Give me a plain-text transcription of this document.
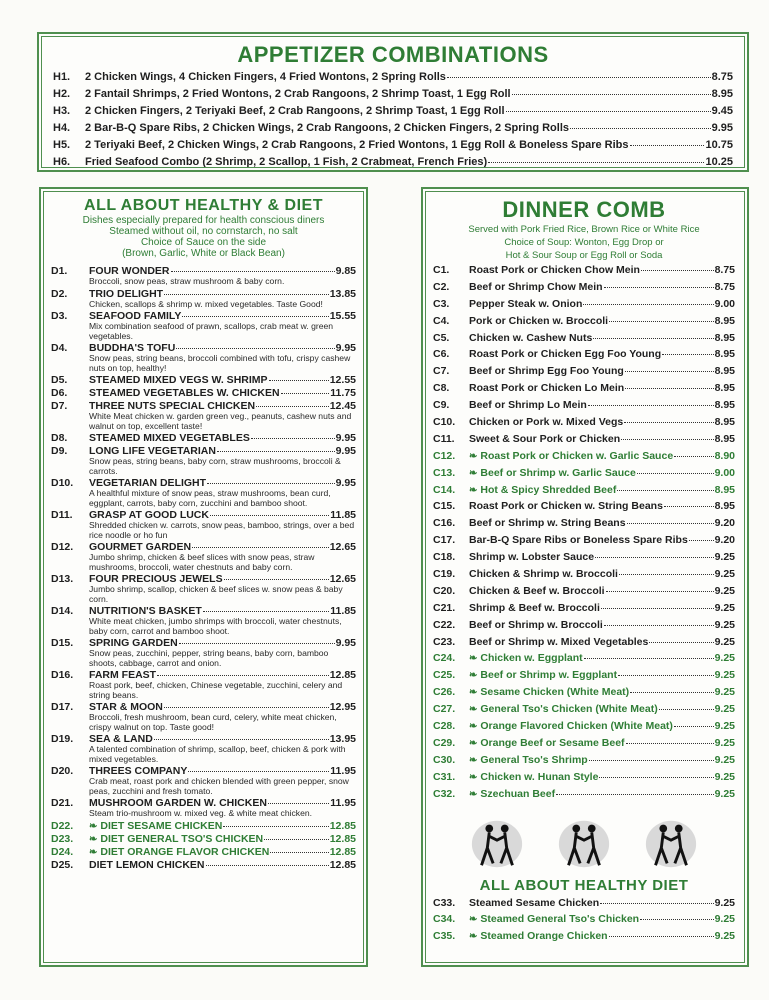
APPETIZER COMBINATIONS
H1.	2 Chicken Wings, 4 Chicken Fingers, 4 Fried Wontons, 2 Spring Rolls	8.75
H2.	2 Fantail Shrimps, 2 Fried Wontons, 2 Crab Rangoons, 2 Shrimp Toast, 1 Egg Roll	8.95
H3.	2 Chicken Fingers, 2 Teriyaki Beef, 2 Crab Rangoons, 2 Shrimp Toast, 1 Egg Roll	9.45
H4.	2 Bar-B-Q Spare Ribs, 2 Chicken Wings, 2 Crab Rangoons, 2 Chicken Fingers, 2 Spring Rolls	9.95
H5.	2 Teriyaki Beef, 2 Chicken Wings, 2 Crab Rangoons, 2 Fried Wontons, 1 Egg Roll & Boneless Spare Ribs	10.75
H6.	Fried Seafood Combo (2 Shrimp, 2 Scallop, 1 Fish, 2 Crabmeat, French Fries)	10.25
ALL ABOUT HEALTHY & DIET
Dishes especially prepared for health conscious diners
Steamed without oil, no cornstarch, no salt
Choice of Sauce on the side
(Brown, Garlic, White or Black Bean)
D1.	FOUR WONDER	9.85
Broccoli, snow peas, straw mushroom & baby corn.
D2.	TRIO DELIGHT	13.85
Chicken, scallops & shrimp w. mixed vegetables. Taste Good!
D3.	SEAFOOD FAMILY	15.55
Mix combination seafood of prawn, scallops, crab meat w. green vegetables.
D4.	BUDDHA'S TOFU	9.95
Snow peas, string beans, broccoli combined with tofu, crispy cashew nuts on top, healthy!
D5.	STEAMED MIXED VEGS W. SHRIMP	12.55
D6.	STEAMED VEGETABLES W. CHICKEN	11.75
D7.	THREE NUTS SPECIAL CHICKEN	12.45
White Meat chicken w. garden green veg., peanuts, cashew nuts and walnut on top, excellent taste!
D8.	STEAMED MIXED VEGETABLES	9.95
D9.	LONG LIFE VEGETARIAN	9.95
Snow peas, string beans, baby corn, straw mushrooms, broccoli & carrots.
D10.	VEGETARIAN DELIGHT	9.95
A healthful mixture of snow peas, straw mushrooms, bean curd, eggplant, carrots, baby corn, zucchini and bamboo shoot.
D11.	GRASP AT GOOD LUCK	11.85
Shredded chicken w. carrots, snow peas, bamboo, strings, over a bed rice noodle or ho fun
D12.	GOURMET GARDEN	12.65
Jumbo shrimp, chicken & beef slices with snow peas, straw mushrooms, broccoli, water chestnuts and baby corn.
D13.	FOUR PRECIOUS JEWELS	12.65
Jumbo shrimp, scallop, chicken & beef slices w. snow peas & baby corn.
D14.	NUTRITION'S BASKET	11.85
White meat chicken, jumbo shrimps with broccoli, water chestnuts, baby corn, carrot and bamboo shoot.
D15.	SPRING GARDEN	9.95
Snow peas, zucchini, pepper, string beans, baby corn, bamboo shoots, cabbage, carrot and onion.
D16.	FARM FEAST	12.85
Roast pork, beef, chicken, Chinese vegetable, zucchini, celery and string beans.
D17.	STAR & MOON	12.95
Broccoli, fresh mushroom, bean curd, celery, white meat chicken, crispy walnut on top. Taste good!
D19.	SEA & LAND	13.95
A talented combination of shrimp, scallop, beef, chicken & pork with mixed vegetables.
D20.	THREES COMPANY	11.95
Crab meat, roast pork and chicken blended with green pepper, snow peas, zucchini and fresh tomato.
D21.	MUSHROOM GARDEN W. CHICKEN	11.95
Steam trio-mushroom w. mixed veg. & white meat chicken.
D22.	❧ DIET SESAME CHICKEN	12.85
D23.	❧ DIET GENERAL TSO'S CHICKEN	12.85
D24.	❧ DIET ORANGE FLAVOR CHICKEN	12.85
D25.	DIET LEMON CHICKEN	12.85
DINNER COMB
Served with Pork Fried Rice, Brown Rice or White Rice
Choice of Soup: Wonton, Egg Drop or
Hot & Sour Soup or Egg Roll or Soda
C1.	Roast Pork or Chicken Chow Mein	8.75
C2.	Beef or Shrimp Chow Mein	8.75
C3.	Pepper Steak w. Onion	9.00
C4.	Pork or Chicken w. Broccoli	8.95
C5.	Chicken w. Cashew Nuts	8.95
C6.	Roast Pork or Chicken Egg Foo Young	8.95
C7.	Beef or Shrimp Egg Foo Young	8.95
C8.	Roast Pork or Chicken Lo Mein	8.95
C9.	Beef or Shrimp Lo Mein	8.95
C10.	Chicken or Pork w. Mixed Vegs	8.95
C11.	Sweet & Sour Pork or Chicken	8.95
C12.	❧ Roast Pork or Chicken w. Garlic Sauce	8.90
C13.	❧ Beef or Shrimp w. Garlic Sauce	9.00
C14.	❧ Hot & Spicy Shredded Beef	8.95
C15.	Roast Pork or Chicken w. String Beans	8.95
C16.	Beef or Shrimp w. String Beans	9.20
C17.	Bar-B-Q Spare Ribs or Boneless Spare Ribs	9.20
C18.	Shrimp w. Lobster Sauce	9.25
C19.	Chicken & Shrimp w. Broccoli	9.25
C20.	Chicken & Beef w. Broccoli	9.25
C21.	Shrimp & Beef w. Broccoli	9.25
C22.	Beef or Shrimp w. Broccoli	9.25
C23.	Beef or Shrimp w. Mixed Vegetables	9.25
C24.	❧ Chicken w. Eggplant	9.25
C25.	❧ Beef or Shrimp w. Eggplant	9.25
C26.	❧ Sesame Chicken (White Meat)	9.25
C27.	❧ General Tso's Chicken (White Meat)	9.25
C28.	❧ Orange Flavored Chicken (White Meat)	9.25
C29.	❧ Orange Beef or Sesame Beef	9.25
C30.	❧ General Tso's Shrimp	9.25
C31.	❧ Chicken w. Hunan Style	9.25
C32.	❧ Szechuan Beef	9.25
ALL ABOUT HEALTHY DIET
C33.	Steamed Sesame Chicken	9.25
C34.	❧ Steamed General Tso's Chicken	9.25
C35.	❧ Steamed Orange Chicken	9.25
